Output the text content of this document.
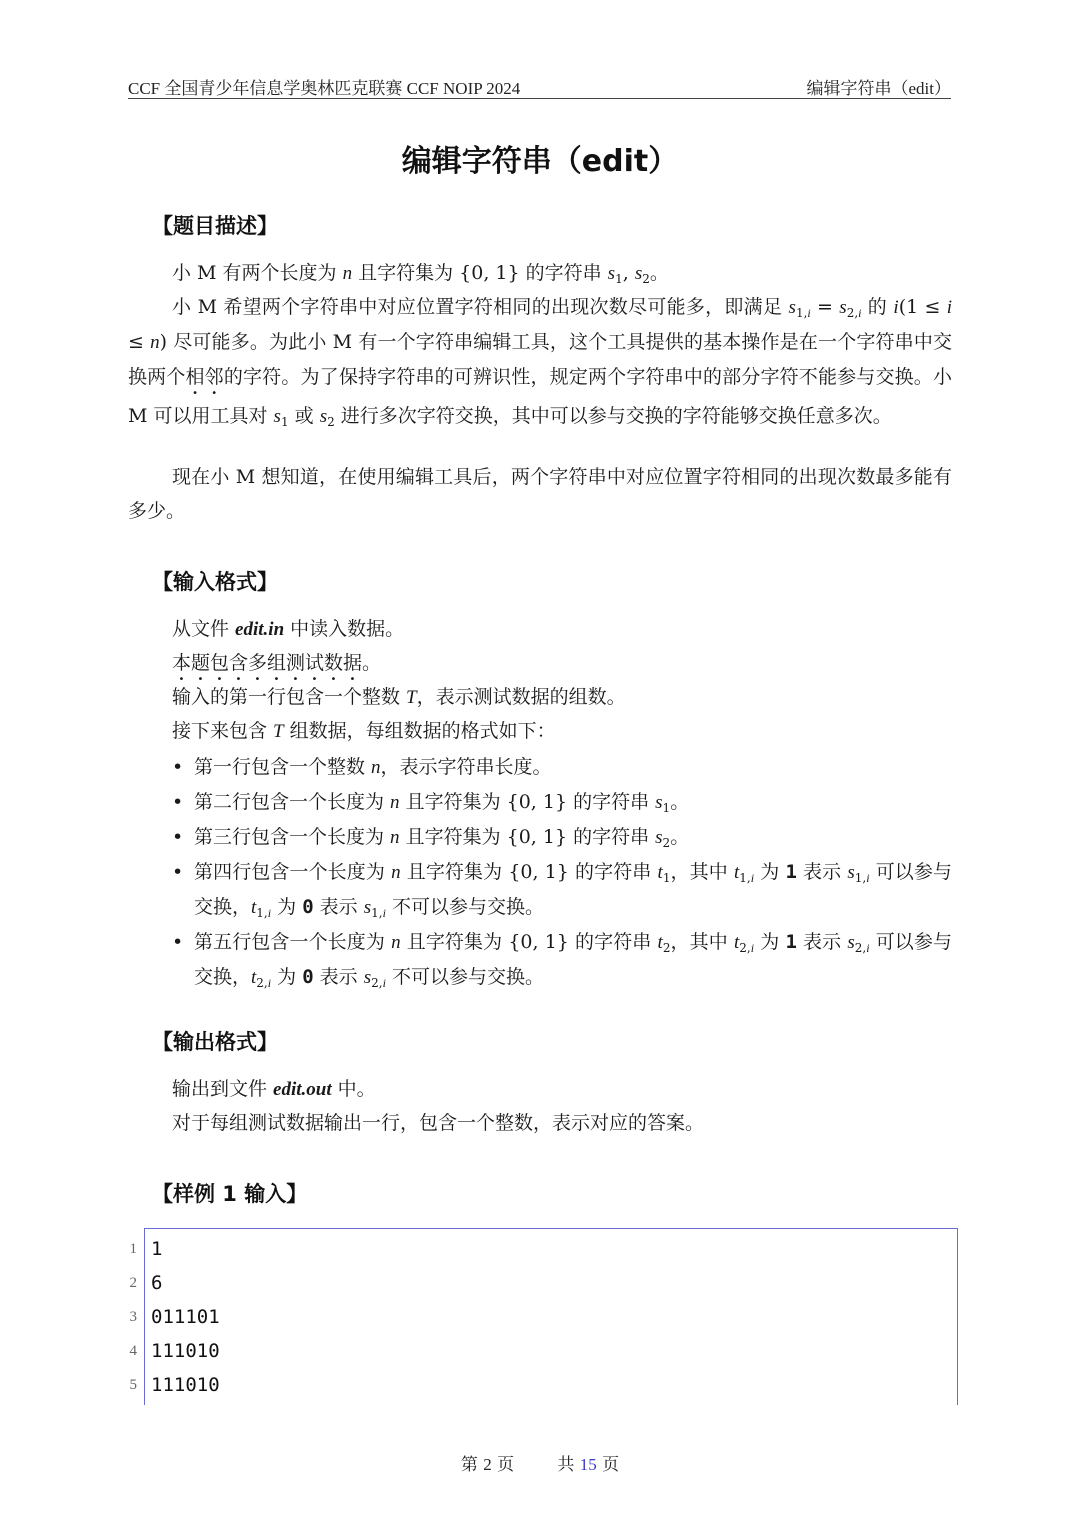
CCF 全国青少年信息学奥林匹克联赛 CCF NOIP 2024	编辑字符串（edit）
编辑字符串（edit）
【题目描述】
小 M 有两个长度为 n 且字符集为 {0, 1} 的字符串 $s_1$, $s_2$。
小 M 希望两个字符串中对应位置字符相同的出现次数尽可能多，即满足 $s_{1,i} = s_{2,i}$ 的 i(1 ≤ i ≤ n) 尽可能多。为此小 M 有一个字符串编辑工具，这个工具提供的基本操作是在一个字符串中交换两个相邻的字符。为了保持字符串的可辨识性，规定两个字符串中的部分字符不能参与交换。小 M 可以用工具对 $s_1$ 或 $s_2$ 进行多次字符交换，其中可以参与交换的字符能够交换任意多次。
现在小 M 想知道，在使用编辑工具后，两个字符串中对应位置字符相同的出现次数最多能有多少。
【输入格式】
从文件 edit.in 中读入数据。
本题包含多组测试数据。
输入的第一行包含一个整数 T，表示测试数据的组数。
接下来包含 T 组数据，每组数据的格式如下：
• 第一行包含一个整数 n，表示字符串长度。
• 第二行包含一个长度为 n 且字符集为 {0, 1} 的字符串 $s_1$。
• 第三行包含一个长度为 n 且字符集为 {0, 1} 的字符串 $s_2$。
• 第四行包含一个长度为 n 且字符集为 {0, 1} 的字符串 $t_1$，其中 $t_{1,i}$ 为 1 表示 $s_{1,i}$ 可以参与交换，$t_{1,i}$ 为 0 表示 $s_{1,i}$ 不可以参与交换。
• 第五行包含一个长度为 n 且字符集为 {0, 1} 的字符串 $t_2$，其中 $t_{2,i}$ 为 1 表示 $s_{2,i}$ 可以参与交换，$t_{2,i}$ 为 0 表示 $s_{2,i}$ 不可以参与交换。
【输出格式】
输出到文件 edit.out 中。
对于每组测试数据输出一行，包含一个整数，表示对应的答案。
【样例 1 输入】
1 1
2 6
3 011101
4 111010
5 111010
第 2 页	共 15 页
